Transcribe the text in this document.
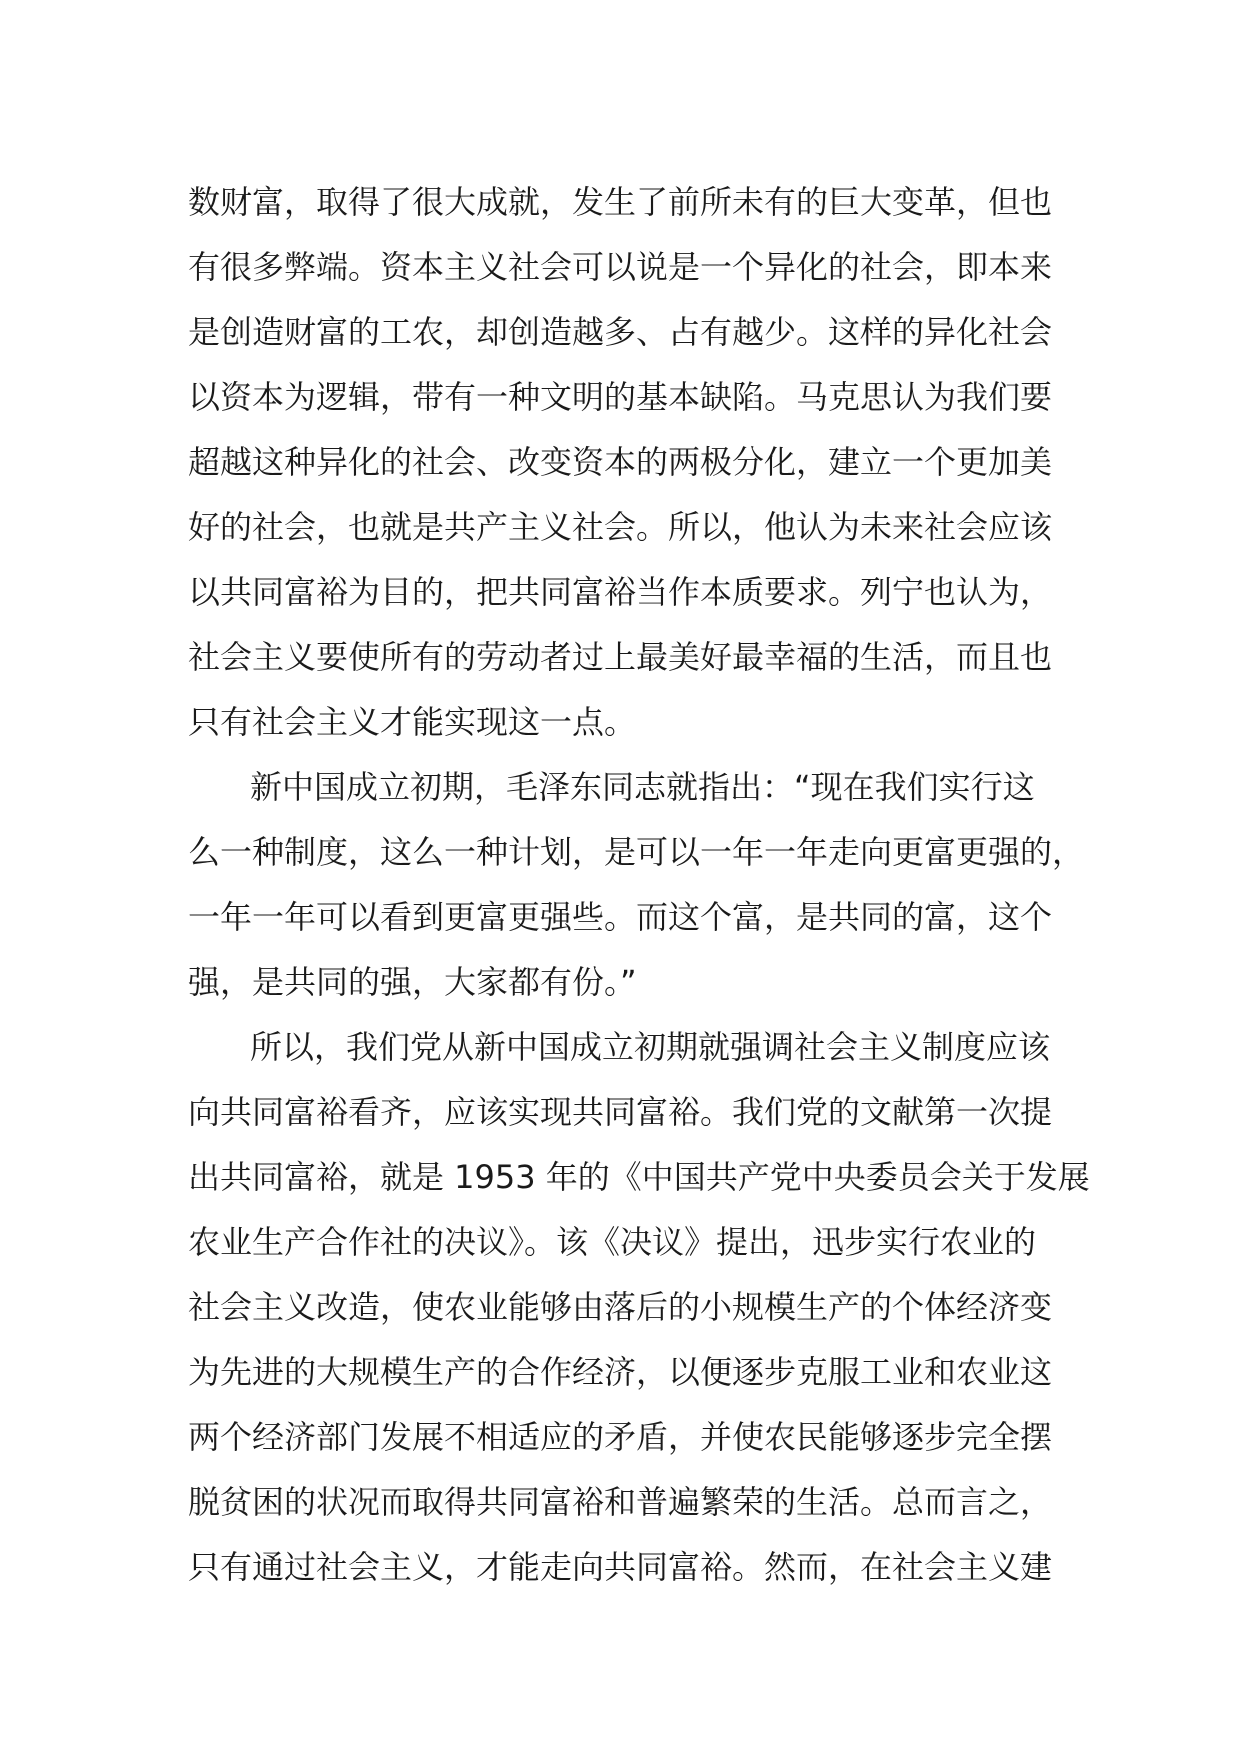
数财富，取得了很大成就，发生了前所未有的巨大变革，但也
有很多弊端。资本主义社会可以说是一个异化的社会，即本来
是创造财富的工农，却创造越多、占有越少。这样的异化社会
以资本为逻辑，带有一种文明的基本缺陷。马克思认为我们要
超越这种异化的社会、改变资本的两极分化，建立一个更加美
好的社会，也就是共产主义社会。所以，他认为未来社会应该
以共同富裕为目的，把共同富裕当作本质要求。列宁也认为，
社会主义要使所有的劳动者过上最美好最幸福的生活，而且也
只有社会主义才能实现这一点。
新中国成立初期，毛泽东同志就指出：“现在我们实行这
么一种制度，这么一种计划，是可以一年一年走向更富更强的，
一年一年可以看到更富更强些。而这个富，是共同的富，这个
强，是共同的强，大家都有份。”
所以，我们党从新中国成立初期就强调社会主义制度应该
向共同富裕看齐，应该实现共同富裕。我们党的文献第一次提
出共同富裕，就是 1953 年的《中国共产党中央委员会关于发展
农业生产合作社的决议》。该《决议》提出，迅步实行农业的
社会主义改造，使农业能够由落后的小规模生产的个体经济变
为先进的大规模生产的合作经济，以便逐步克服工业和农业这
两个经济部门发展不相适应的矛盾，并使农民能够逐步完全摆
脱贫困的状况而取得共同富裕和普遍繁荣的生活。总而言之，
只有通过社会主义，才能走向共同富裕。然而，在社会主义建
